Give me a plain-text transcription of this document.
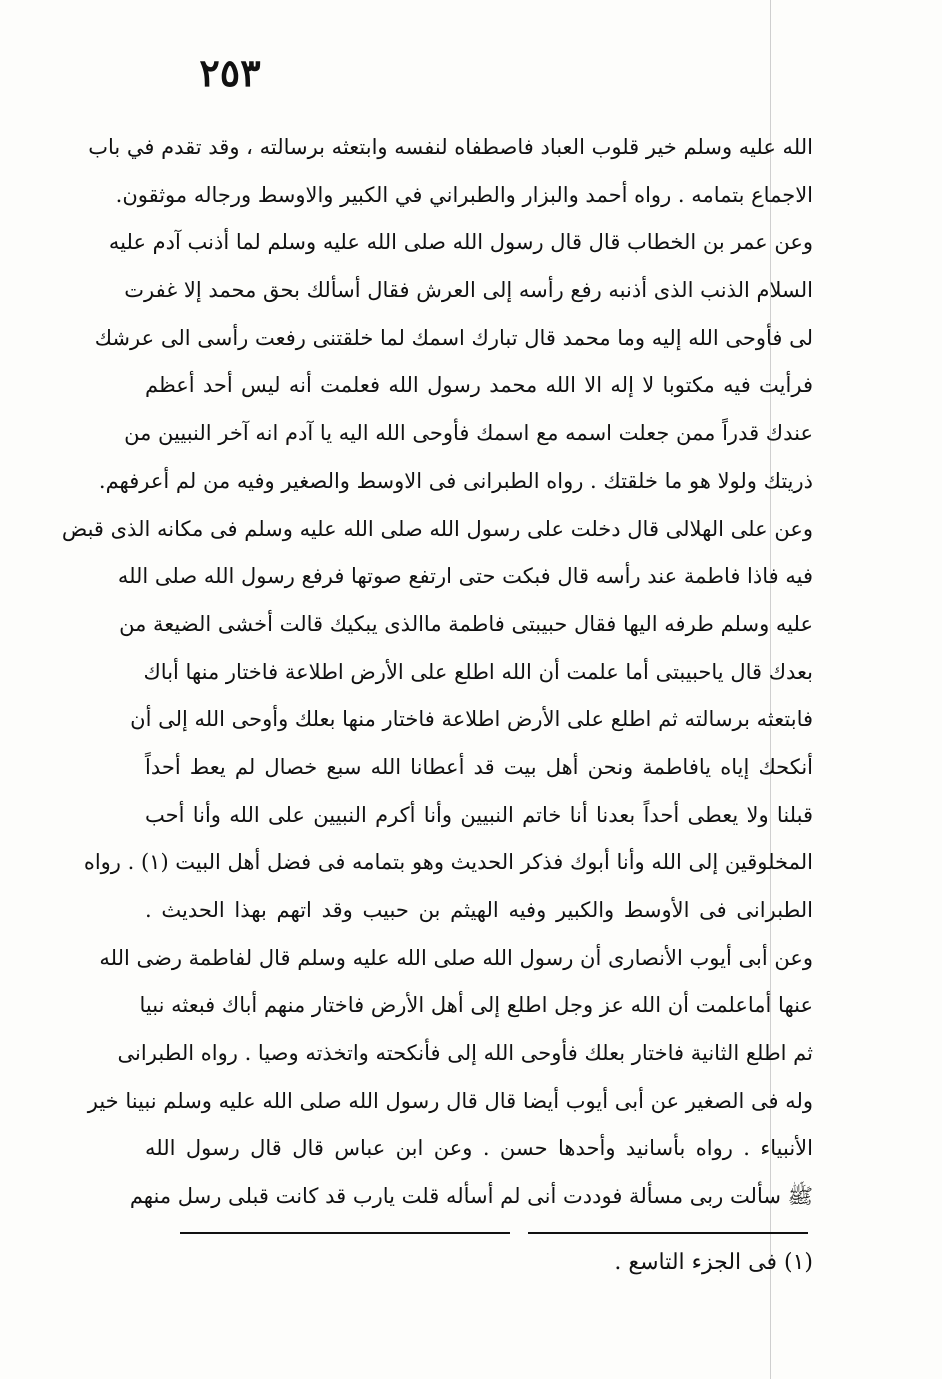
٢٥٣
الله عليه وسلم خير قلوب العباد فاصطفاه لنفسه وابتعثه برسالته ، وقد تقدم في باب
الاجماع بتمامه . رواه أحمد والبزار والطبراني في الكبير والاوسط ورجاله موثقون.
وعن عمر بن الخطاب قال قال رسول الله صلى الله عليه وسلم لما أذنب آدم عليه
السلام الذنب الذى أذنبه رفع رأسه إلى العرش فقال أسألك بحق محمد إلا غفرت
لى فأوحى الله إليه وما محمد قال تبارك اسمك لما خلقتنى رفعت رأسى الى عرشك
فرأيت فيه مكتوبا لا إله الا الله محمد رسول الله فعلمت أنه ليس أحد أعظم
عندك قدراً ممن جعلت اسمه مع اسمك فأوحى الله اليه يا آدم انه آخر النبيين من
ذريتك ولولا هو ما خلقتك . رواه الطبرانى فى الاوسط والصغير وفيه من لم أعرفهم.
وعن على الهلالى قال دخلت على رسول الله صلى الله عليه وسلم فى مكانه الذى قبض
فيه فاذا فاطمة عند رأسه قال فبكت حتى ارتفع صوتها فرفع رسول الله صلى الله
عليه وسلم طرفه اليها فقال حبيبتى فاطمة ماالذى يبكيك قالت أخشى الضيعة من
بعدك قال ياحبيبتى أما علمت أن الله اطلع على الأرض اطلاعة فاختار منها أباك
فابتعثه برسالته ثم اطلع على الأرض اطلاعة فاختار منها بعلك وأوحى الله إلى أن
أنكحك إياه يافاطمة ونحن أهل بيت قد أعطانا الله سبع خصال لم يعط أحداً
قبلنا ولا يعطى أحداً بعدنا أنا خاتم النبيين وأنا أكرم النبيين على الله وأنا أحب
المخلوقين إلى الله وأنا أبوك فذكر الحديث وهو بتمامه فى فضل أهل البيت (١) . رواه
الطبرانى فى الأوسط والكبير وفيه الهيثم بن حبيب وقد اتهم بهذا الحديث .
وعن أبى أيوب الأنصارى أن رسول الله صلى الله عليه وسلم قال لفاطمة رضى الله
عنها أماعلمت أن الله عز وجل اطلع إلى أهل الأرض فاختار منهم أباك فبعثه نبيا
ثم اطلع الثانية فاختار بعلك فأوحى الله إلى فأنكحته واتخذته وصيا . رواه الطبرانى
وله فى الصغير عن أبى أيوب أيضا قال قال رسول الله صلى الله عليه وسلم نبينا خير
الأنبياء . رواه بأسانيد وأحدها حسن . وعن ابن عباس قال قال رسول الله
ﷺ سألت ربى مسألة فوددت أنى لم أسأله قلت يارب قد كانت قبلى رسل منهم
(١) فى الجزء التاسع .
